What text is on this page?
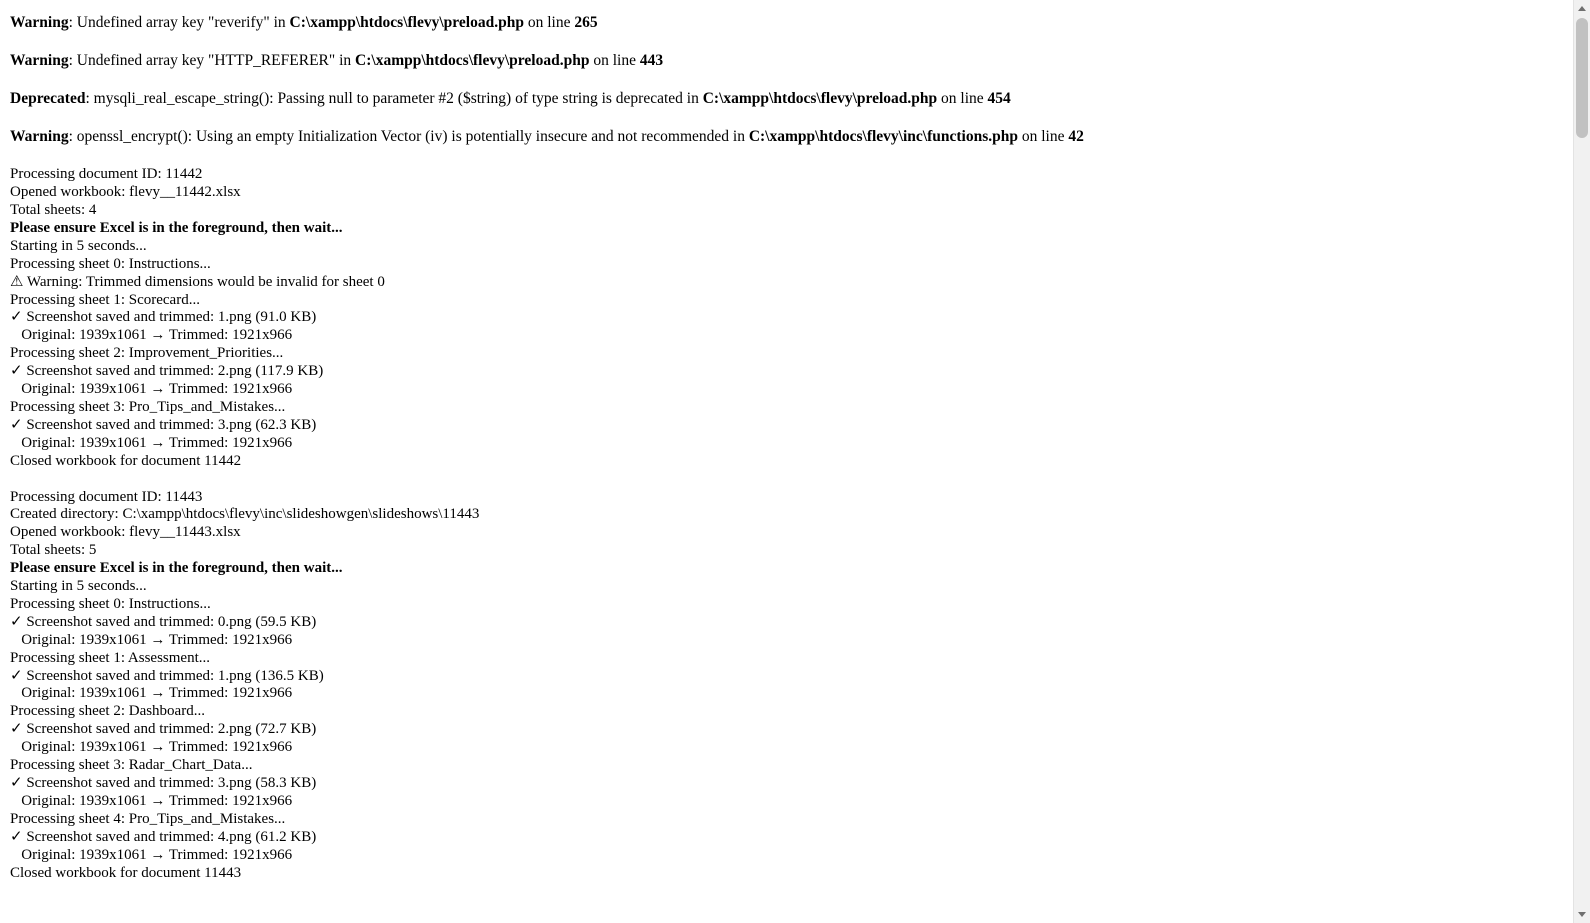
Warning: Undefined array key "reverify" in C:\xampp\htdocs\flevy\preload.php on line 265
Warning: Undefined array key "HTTP_REFERER" in C:\xampp\htdocs\flevy\preload.php on line 443
Deprecated: mysqli_real_escape_string(): Passing null to parameter #2 ($string) of type string is deprecated in C:\xampp\htdocs\flevy\preload.php on line 454
Warning: openssl_encrypt(): Using an empty Initialization Vector (iv) is potentially insecure and not recommended in C:\xampp\htdocs\flevy\inc\functions.php on line 42
Processing document ID: 11442
Opened workbook: flevy__11442.xlsx
Total sheets: 4
Please ensure Excel is in the foreground, then wait...
Starting in 5 seconds...
Processing sheet 0: Instructions...
⚠ Warning: Trimmed dimensions would be invalid for sheet 0
Processing sheet 1: Scorecard...
✓ Screenshot saved and trimmed: 1.png (91.0 KB)
Original: 1939x1061 → Trimmed: 1921x966
Processing sheet 2: Improvement_Priorities...
✓ Screenshot saved and trimmed: 2.png (117.9 KB)
Original: 1939x1061 → Trimmed: 1921x966
Processing sheet 3: Pro_Tips_and_Mistakes...
✓ Screenshot saved and trimmed: 3.png (62.3 KB)
Original: 1939x1061 → Trimmed: 1921x966
Closed workbook for document 11442

Processing document ID: 11443
Created directory: C:\xampp\htdocs\flevy\inc\slideshowgen\slideshows\11443
Opened workbook: flevy__11443.xlsx
Total sheets: 5
Please ensure Excel is in the foreground, then wait...
Starting in 5 seconds...
Processing sheet 0: Instructions...
✓ Screenshot saved and trimmed: 0.png (59.5 KB)
Original: 1939x1061 → Trimmed: 1921x966
Processing sheet 1: Assessment...
✓ Screenshot saved and trimmed: 1.png (136.5 KB)
Original: 1939x1061 → Trimmed: 1921x966
Processing sheet 2: Dashboard...
✓ Screenshot saved and trimmed: 2.png (72.7 KB)
Original: 1939x1061 → Trimmed: 1921x966
Processing sheet 3: Radar_Chart_Data...
✓ Screenshot saved and trimmed: 3.png (58.3 KB)
Original: 1939x1061 → Trimmed: 1921x966
Processing sheet 4: Pro_Tips_and_Mistakes...
✓ Screenshot saved and trimmed: 4.png (61.2 KB)
Original: 1939x1061 → Trimmed: 1921x966
Closed workbook for document 11443
